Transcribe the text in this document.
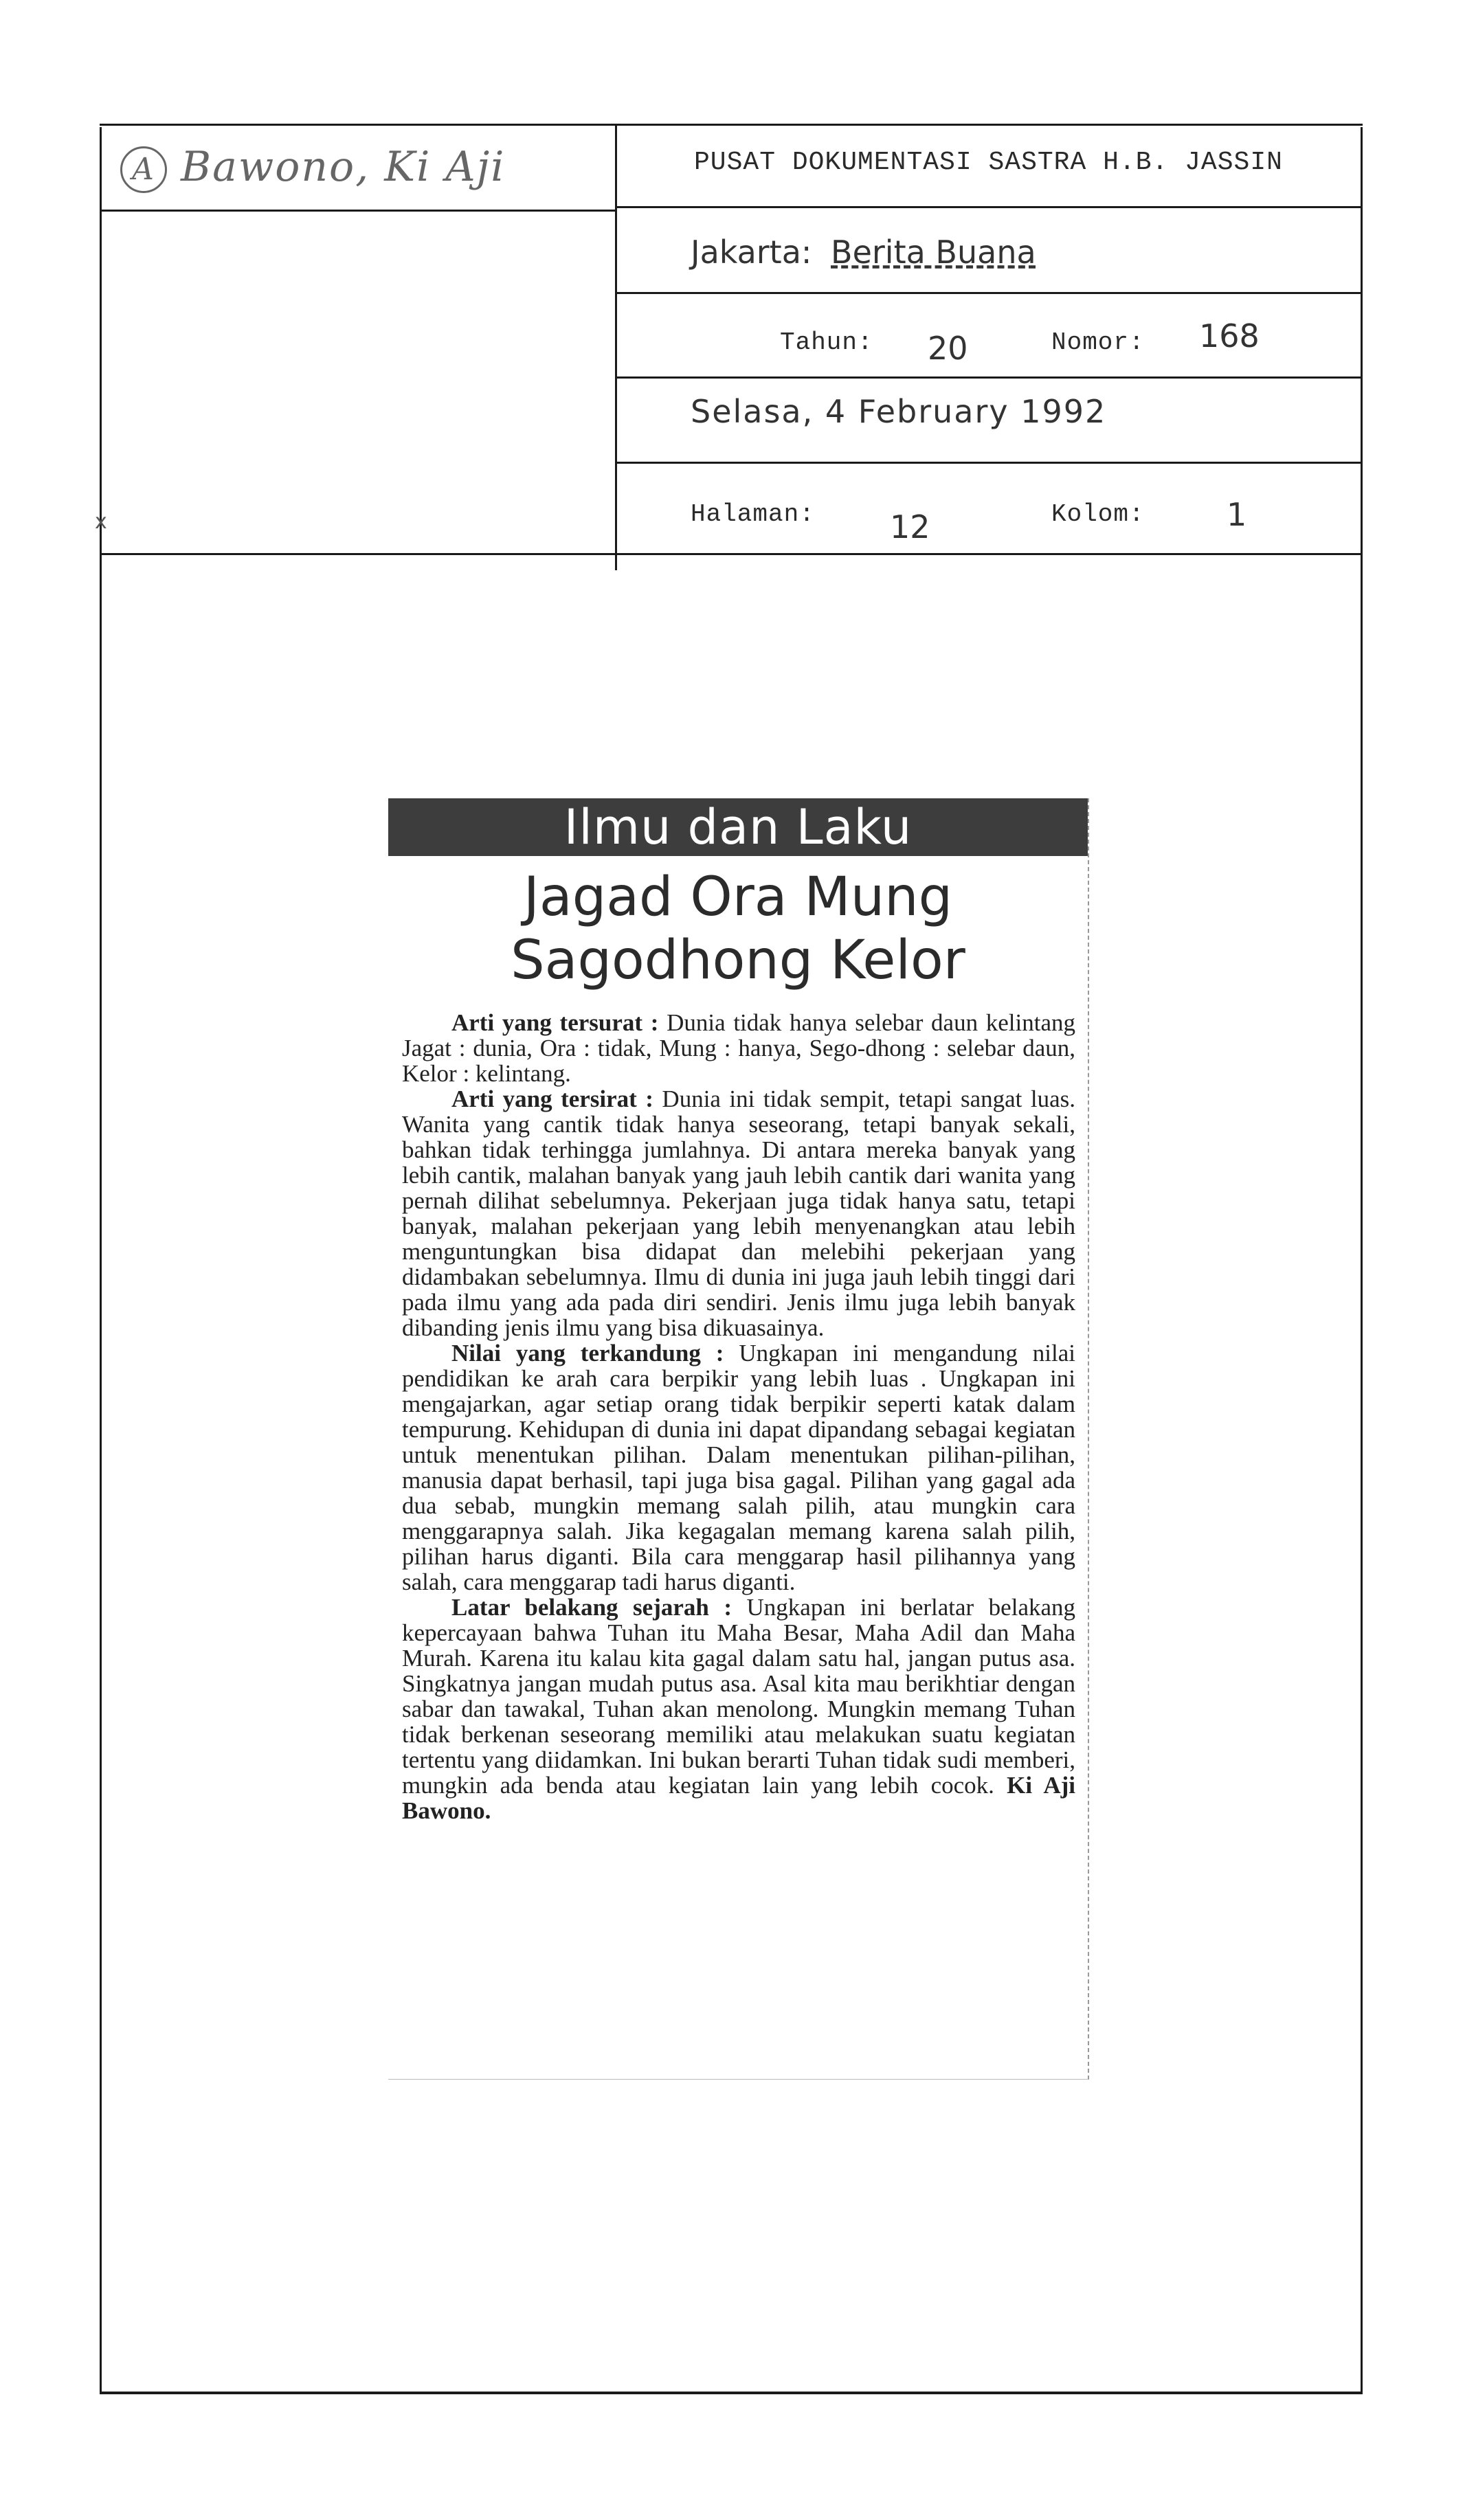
A Bawono, Ki Aji	PUSAT DOKUMENTASI SASTRA H.B. JASSIN
Jakarta: Berita Buana
Tahun: 20	Nomor: 168
Selasa, 4 February 1992
Halaman: 12	Kolom:	1
x
Ilmu dan Laku
Jagad Ora Mung
Sagodhong Kelor

Arti yang tersurat : Dunia tidak hanya selebar daun kelintang Jagat : dunia, Ora : tidak, Mung : hanya, Sego-dhong : selebar daun, Kelor : kelintang.

Arti yang tersirat : Dunia ini tidak sempit, tetapi sangat luas. Wanita yang cantik tidak hanya seseorang, tetapi banyak sekali, bahkan tidak terhingga jumlahnya. Di antara mereka banyak yang lebih cantik, malahan banyak yang jauh lebih cantik dari wanita yang pernah dilihat sebelumnya. Pekerjaan juga tidak hanya satu, tetapi banyak, malahan pekerjaan yang lebih menyenangkan atau lebih menguntungkan bisa didapat dan melebihi pekerjaan yang didambakan sebelumnya. Ilmu di dunia ini juga jauh lebih tinggi dari pada ilmu yang ada pada diri sendiri. Jenis ilmu juga lebih banyak dibanding jenis ilmu yang bisa dikuasainya.

Nilai yang terkandung : Ungkapan ini mengandung nilai pendidikan ke arah cara berpikir yang lebih luas . Ungkapan ini mengajarkan, agar setiap orang tidak berpikir seperti katak dalam tempurung. Kehidupan di dunia ini dapat dipandang sebagai kegiatan untuk menentukan pilihan. Dalam menentukan pilihan-pilihan, manusia dapat berhasil, tapi juga bisa gagal. Pilihan yang gagal ada dua sebab, mungkin memang salah pilih, atau mungkin cara menggarapnya salah. Jika kegagalan memang karena salah pilih, pilihan harus diganti. Bila cara menggarap hasil pilihannya yang salah, cara menggarap tadi harus diganti.

Latar belakang sejarah : Ungkapan ini berlatar belakang kepercayaan bahwa Tuhan itu Maha Besar, Maha Adil dan Maha Murah. Karena itu kalau kita gagal dalam satu hal, jangan putus asa. Singkatnya jangan mudah putus asa. Asal kita mau berikhtiar dengan sabar dan tawakal, Tuhan akan menolong. Mungkin memang Tuhan tidak berkenan seseorang memiliki atau melakukan suatu kegiatan tertentu yang diidamkan. Ini bukan berarti Tuhan tidak sudi memberi, mungkin ada benda atau kegiatan lain yang lebih cocok. Ki Aji Bawono.
